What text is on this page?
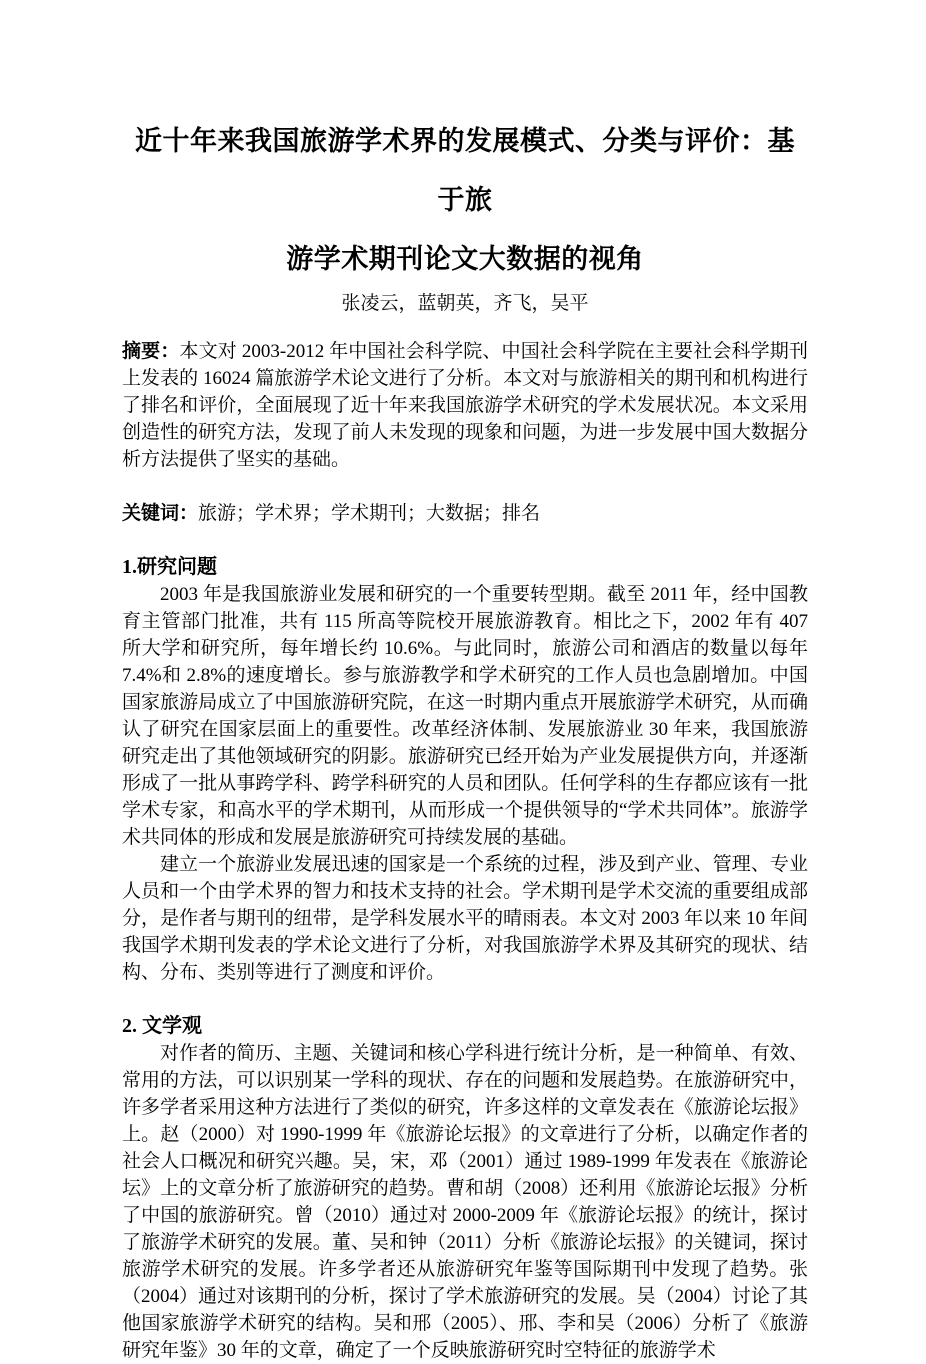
近十年来我国旅游学术界的发展模式、分类与评价：基于旅
游学术期刊论文大数据的视角
张凌云，蓝朝英，齐飞，吴平

摘要：本文对 2003-2012 年中国社会科学院、中国社会科学院在主要社会科学期刊上发表的 16024 篇旅游学术论文进行了分析。本文对与旅游相关的期刊和机构进行了排名和评价，全面展现了近十年来我国旅游学术研究的学术发展状况。本文采用创造性的研究方法，发现了前人未发现的现象和问题，为进一步发展中国大数据分析方法提供了坚实的基础。

关键词：旅游；学术界；学术期刊；大数据；排名

1.研究问题

2003 年是我国旅游业发展和研究的一个重要转型期。截至 2011 年，经中国教育主管部门批准，共有 115 所高等院校开展旅游教育。相比之下，2002 年有 407 所大学和研究所，每年增长约 10.6%。与此同时，旅游公司和酒店的数量以每年 7.4%和 2.8%的速度增长。参与旅游教学和学术研究的工作人员也急剧增加。中国国家旅游局成立了中国旅游研究院，在这一时期内重点开展旅游学术研究，从而确认了研究在国家层面上的重要性。改革经济体制、发展旅游业 30 年来，我国旅游研究走出了其他领域研究的阴影。旅游研究已经开始为产业发展提供方向，并逐渐形成了一批从事跨学科、跨学科研究的人员和团队。任何学科的生存都应该有一批学术专家，和高水平的学术期刊，从而形成一个提供领导的“学术共同体”。旅游学术共同体的形成和发展是旅游研究可持续发展的基础。

建立一个旅游业发展迅速的国家是一个系统的过程，涉及到产业、管理、专业人员和一个由学术界的智力和技术支持的社会。学术期刊是学术交流的重要组成部分，是作者与期刊的纽带，是学科发展水平的晴雨表。本文对 2003 年以来 10 年间我国学术期刊发表的学术论文进行了分析，对我国旅游学术界及其研究的现状、结构、分布、类别等进行了测度和评价。

2. 文学观

对作者的简历、主题、关键词和核心学科进行统计分析，是一种简单、有效、常用的方法，可以识别某一学科的现状、存在的问题和发展趋势。在旅游研究中，许多学者采用这种方法进行了类似的研究，许多这样的文章发表在《旅游论坛报》上。赵（2000）对 1990-1999 年《旅游论坛报》的文章进行了分析，以确定作者的社会人口概况和研究兴趣。吴，宋，邓（2001）通过 1989-1999 年发表在《旅游论坛》上的文章分析了旅游研究的趋势。曹和胡（2008）还利用《旅游论坛报》分析了中国的旅游研究。曾（2010）通过对 2000-2009 年《旅游论坛报》的统计，探讨了旅游学术研究的发展。董、吴和钟（2011）分析《旅游论坛报》的关键词，探讨旅游学术研究的发展。许多学者还从旅游研究年鉴等国际期刊中发现了趋势。张（2004）通过对该期刊的分析，探讨了学术旅游研究的发展。吴（2004）讨论了其他国家旅游学术研究的结构。吴和邢（2005）、邢、李和吴（2006）分析了《旅游研究年鉴》30 年的文章，确定了一个反映旅游研究时空特征的旅游学术
